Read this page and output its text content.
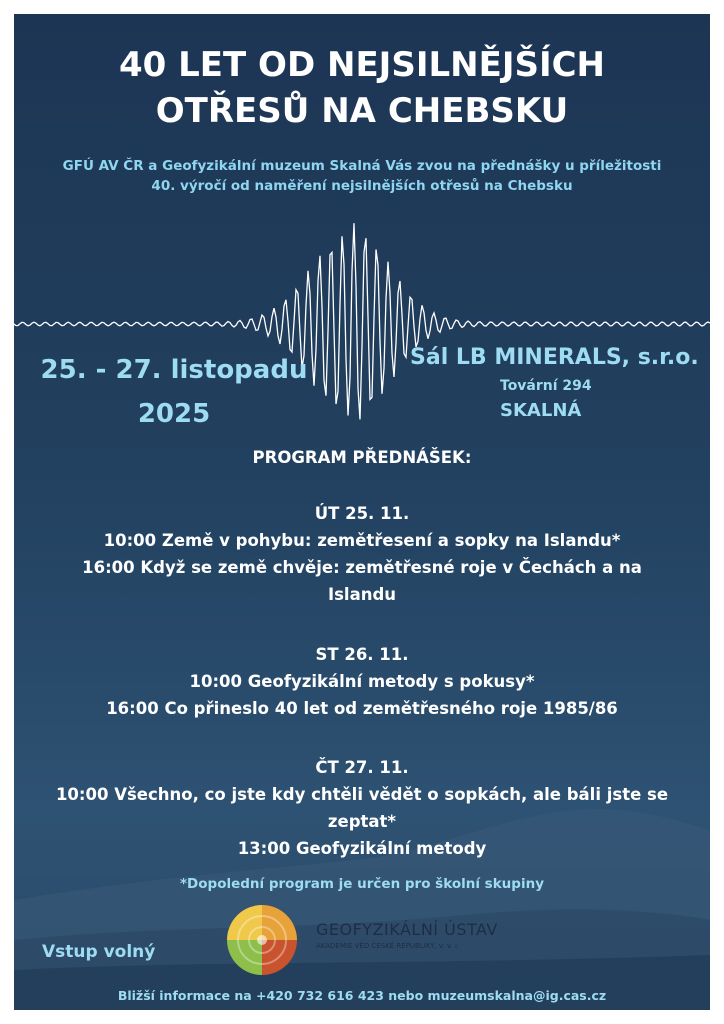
40 LET OD NEJSILNĚJŠÍCH
OTŘESŮ NA CHEBSKU
GFÚ AV ČR a Geofyzikální muzeum Skalná Vás zvou na přednášky u příležitosti
40. výročí od naměření nejsilnějších otřesů na Chebsku
25. - 27. listopadu
2025
Sál LB MINERALS, s.r.o.
Tovární 294
SKALNÁ
PROGRAM PŘEDNÁŠEK:
ÚT 25. 11.
10:00 Země v pohybu: zemětřesení a sopky na Islandu*
16:00 Když se země chvěje: zemětřesné roje v Čechách a na
Islandu
ST 26. 11.
10:00 Geofyzikální metody s pokusy*
16:00 Co přineslo 40 let od zemětřesného roje 1985/86
ČT 27. 11.
10:00 Všechno, co jste kdy chtěli vědět o sopkách, ale báli jste se
zeptat*
13:00 Geofyzikální metody
*Dopolední program je určen pro školní skupiny
Vstup volný
GEOFYZIKÁLNÍ ÚSTAV
AKADEMIE VĚD ČESKÉ REPUBLIKY, v. v. i.
Bližší informace na +420 732 616 423 nebo muzeumskalna@ig.cas.cz
